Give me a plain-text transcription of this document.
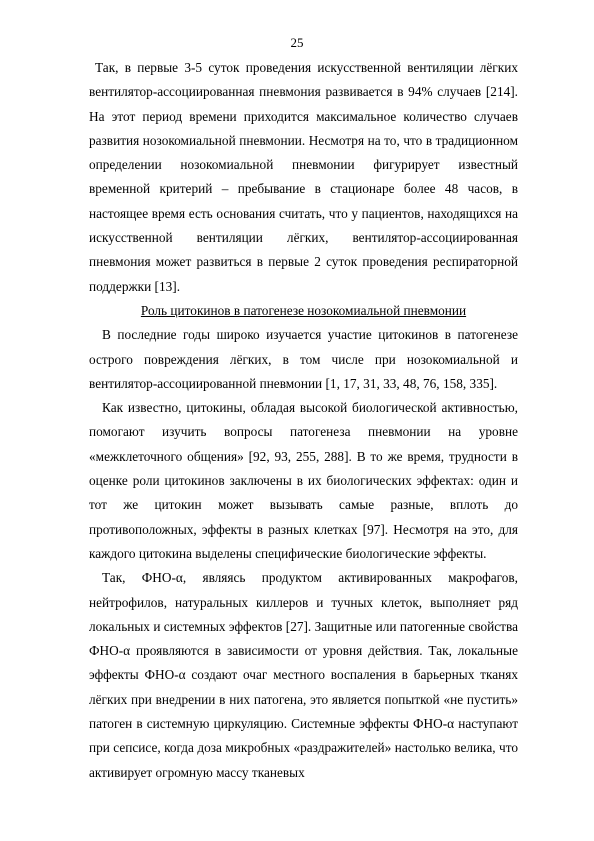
25

Так, в первые 3-5 суток проведения искусственной вентиляции лёгких вентилятор-ассоциированная пневмония развивается в 94% случаев [214]. На этот период времени приходится максимальное количество случаев развития нозокомиальной пневмонии. Несмотря на то, что в традиционном определении нозокомиальной пневмонии фигурирует известный временной критерий – пребывание в стационаре более 48 часов, в настоящее время есть основания считать, что у пациентов, находящихся на искусственной вентиляции лёгких, вентилятор-ассоциированная пневмония может развиться в первые 2 суток проведения респираторной поддержки [13].

Роль цитокинов в патогенезе нозокомиальной пневмонии

В последние годы широко изучается участие цитокинов в патогенезе острого повреждения лёгких, в том числе при нозокомиальной и вентилятор-ассоциированной пневмонии [1, 17, 31, 33, 48, 76, 158, 335].

Как известно, цитокины, обладая высокой биологической активностью, помогают изучить вопросы патогенеза пневмонии на уровне «межклеточного общения» [92, 93, 255, 288]. В то же время, трудности в оценке роли цитокинов заключены в их биологических эффектах: один и тот же цитокин может вызывать самые разные, вплоть до противоположных, эффекты в разных клетках [97]. Несмотря на это, для каждого цитокина выделены специфические биологические эффекты.

Так, ФНО-α, являясь продуктом активированных макрофагов, нейтрофилов, натуральных киллеров и тучных клеток, выполняет ряд локальных и системных эффектов [27]. Защитные или патогенные свойства ФНО-α проявляются в зависимости от уровня действия. Так, локальные эффекты ФНО-α создают очаг местного воспаления в барьерных тканях лёгких при внедрении в них патогена, это является попыткой «не пустить» патоген в системную циркуляцию. Системные эффекты ФНО-α наступают при сепсисе, когда доза микробных «раздражителей» настолько велика, что активирует огромную массу тканевых
